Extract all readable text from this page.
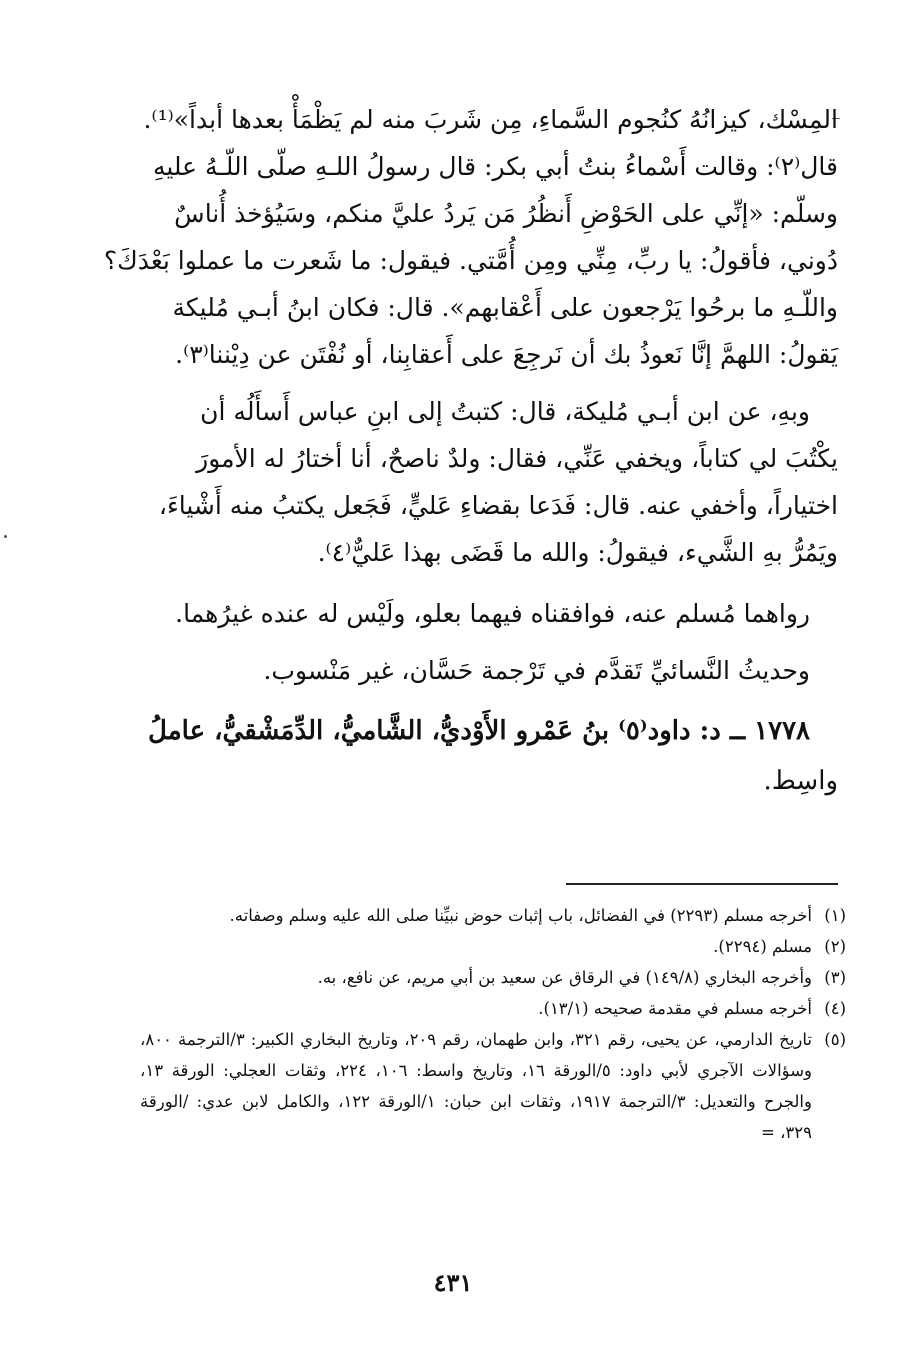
المِسْك، كيزانُهُ كنُجوم السَّماءِ، مِن شَربَ منه لم يَظْمَأْ بعدها أبداً»⁽¹⁾.
قال⁽٢⁾: وقالت أَسْماءُ بنتُ أبي بكر: قال رسولُ اللـهِ صلّى اللّـهُ عليهِ
وسلّم: «إنِّي على الحَوْضِ أَنظُرُ مَن يَردُ عليَّ منكم، وسَيُؤخذ أُناسٌ
دُوني، فأقولُ: يا ربِّ، مِنِّي ومِن أُمَّتي. فيقول: ما شَعرت ما عملوا بَعْدَكَ؟
واللّـهِ ما برحُوا يَرْجعون على أَعْقابهم». قال: فكان ابنُ أبـي مُليكة
يَقولُ: اللهمَّ إنَّا نَعوذُ بك أن نَرجِعَ على أَعقابِنا، أو نُفْتَن عن دِيْننا⁽٣⁾.
وبهِ، عن ابن أبـي مُليكة، قال: كتبتُ إلى ابنِ عباس أَسأَلُه أن
يكْتُبَ لي كتاباً، ويخفي عَنِّي، فقال: ولدٌ ناصحٌ، أنا أختارُ له الأمورَ
اختياراً، وأخفي عنه. قال: فَدَعا بقضاءِ عَليٍّ، فَجَعل يكتبُ منه أَشْياءَ،
ويَمُرُّ بهِ الشَّيء، فيقولُ: والله ما قَضَى بهذا عَليٌّ⁽٤⁾.
رواهما مُسلم عنه، فوافقناه فيهما بعلو، ولَيْس له عنده غيرُهما.
وحديثُ النَّسائيِّ تَقدَّم في تَرْجمة حَسَّان، غير مَنْسوب.
١٧٧٨ ــ د: داود⁽٥⁾ بنُ عَمْرو الأَوْديُّ، الشَّاميُّ، الدِّمَشْقيُّ، عاملُ
واسِط.

(١)
أخرجه مسلم (٢٢٩٣) في الفضائل، باب إثبات حوض نبيِّنا صلى الله عليه وسلم وصفاته.

(٢)
مسلم (٢٢٩٤).

(٣)
وأخرجه البخاري (١٤٩/٨) في الرقاق عن سعيد بن أبي مريم، عن نافع، به.

(٤)
أخرجه مسلم في مقدمة صحيحه (١٣/١).

(٥)
تاريخ الدارمي، عن يحيى، رقم ٣٢١، وابن طهمان، رقم ٢٠٩، وتاريخ البخاري الكبير: ٣/الترجمة ٨٠٠، وسؤالات الآجري لأبي داود: ٥/الورقة ١٦، وتاريخ واسط: ١٠٦، ٢٢٤، وثقات العجلي: الورقة ١٣، والجرح والتعديل: ٣/الترجمة ١٩١٧، وثقات ابن حبان: ١/الورقة ١٢٢، والكامل لابن عدي: /الورقة ٣٢٩، =

٤٣١
